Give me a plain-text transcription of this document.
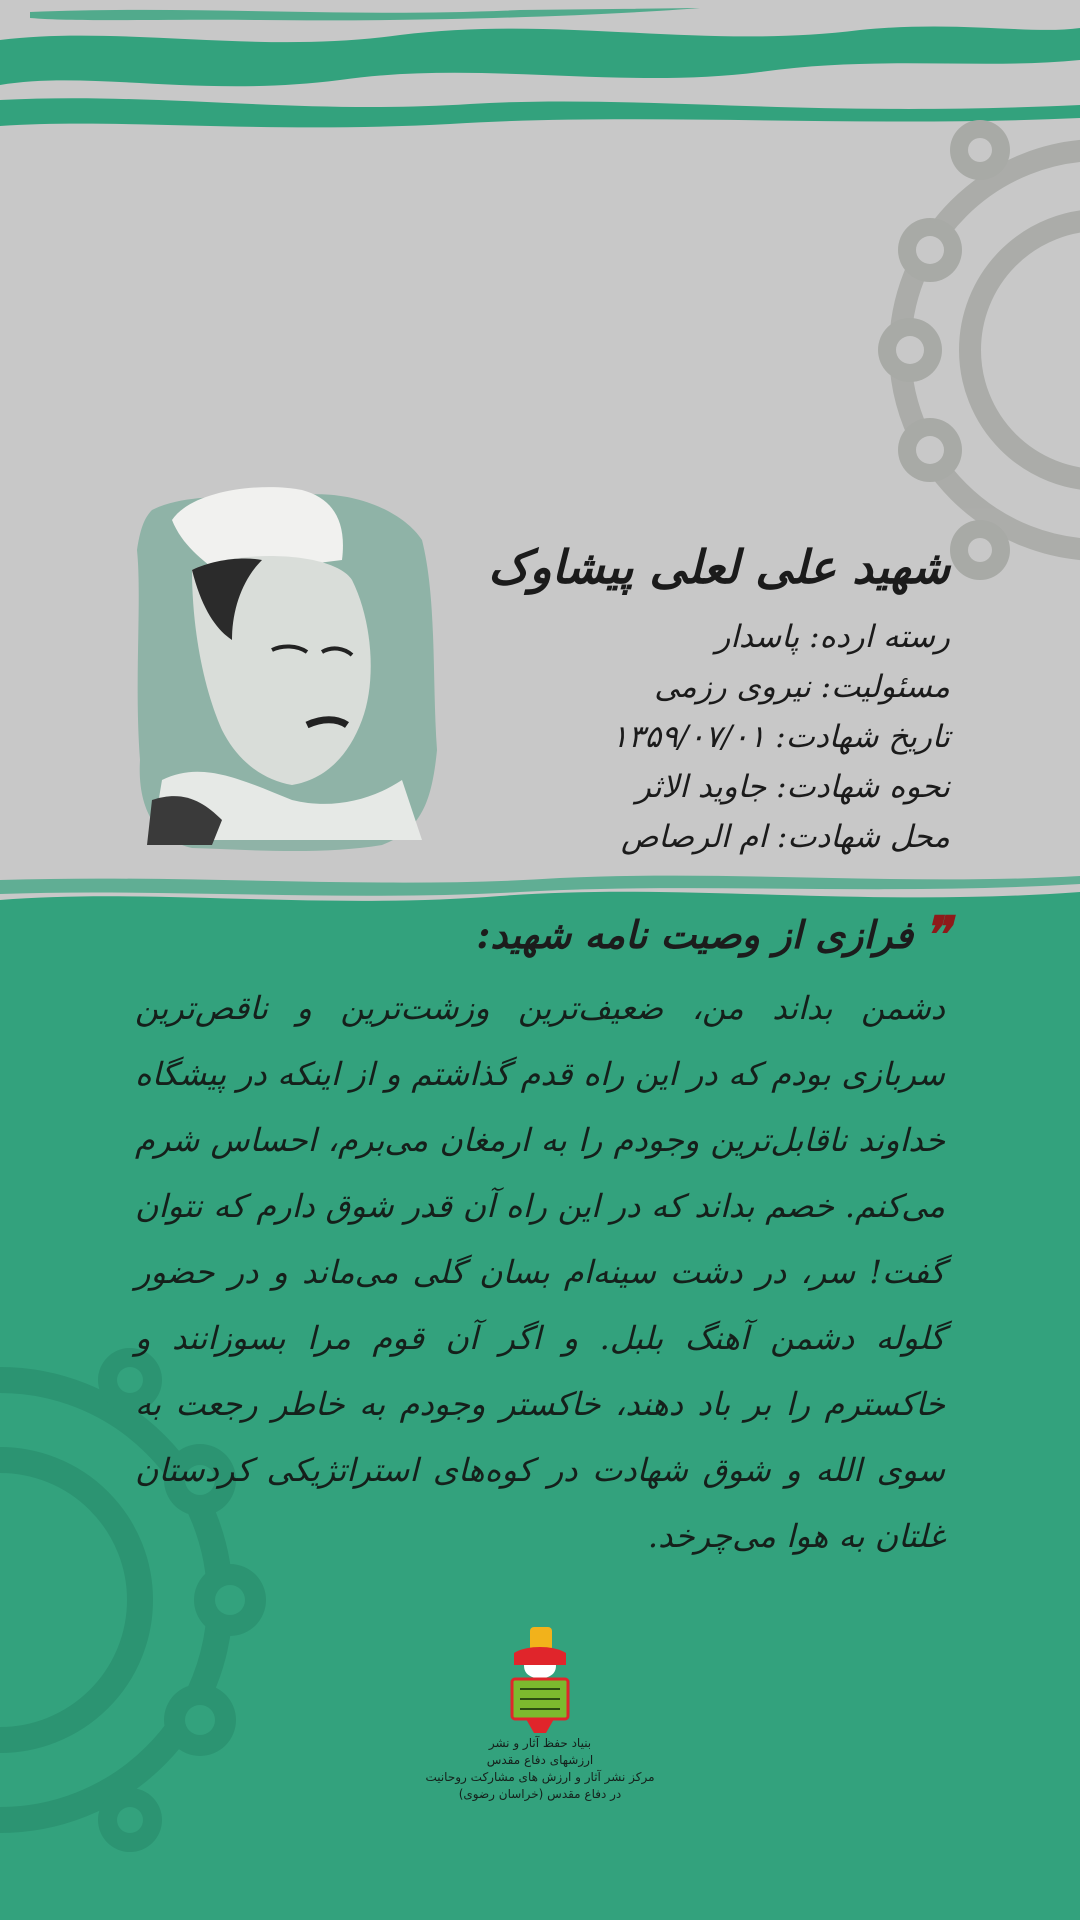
شهید علی لعلی پیشاوک
رسته ارده: پاسدار
مسئولیت: نیروی رزمی
تاریخ شهادت: ۱۳۵۹/۰۷/۰۱
نحوه شهادت: جاوید الاثر
محل شهادت: ام الرصاص
❞فرازی از وصیت نامه شهید:
دشمن بداند من، ضعیف‌ترین وزشت‌ترین و ناقص‌ترین سربازی بودم که در این راه قدم گذاشتم و از اینکه در پیشگاه خداوند ناقابل‌ترین وجودم را به ارمغان می‌برم، احساس شرم می‌کنم. خصم بداند که در این راه آن قدر شوق دارم که نتوان گفت! سر، در دشت سینه‌ام بسان گلی می‌ماند و در حضور گلوله دشمن آهنگ بلبل. و اگر آن قوم مرا بسوزانند و خاکسترم را بر باد دهند، خاکستر وجودم به خاطر رجعت به سوی الله و شوق شهادت در کوه‌های استراتژیکی کردستان غلتان به هوا می‌چرخد.
بنیاد حفظ آثار و نشر
ارزشهای دفاع مقدس
مرکز نشر آثار و ارزش های مشارکت روحانیت
در دفاع مقدس (خراسان رضوی)
